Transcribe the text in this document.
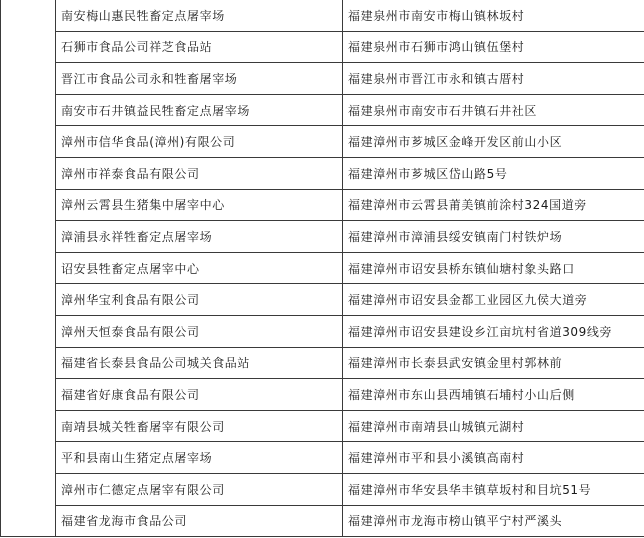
	南安梅山惠民牲畜定点屠宰场	福建泉州市南安市梅山镇林坂村
	石狮市食品公司祥芝食品站	福建泉州市石狮市鸿山镇伍堡村
	晋江市食品公司永和牲畜屠宰场	福建泉州市晋江市永和镇古厝村
	南安市石井镇益民牲畜定点屠宰场	福建泉州市南安市石井镇石井社区
	漳州市信华食品(漳州)有限公司	福建漳州市芗城区金峰开发区前山小区
	漳州市祥泰食品有限公司	福建漳州市芗城区岱山路5号
	漳州云霄县生猪集中屠宰中心	福建漳州市云霄县莆美镇前涂村324国道旁
	漳浦县永祥牲畜定点屠宰场	福建漳州市漳浦县绥安镇南门村铁炉场
	诏安县牲畜定点屠宰中心	福建漳州市诏安县桥东镇仙塘村象头路口
	漳州华宝利食品有限公司	福建漳州市诏安县金都工业园区九侯大道旁
	漳州天恒泰食品有限公司	福建漳州市诏安县建设乡江亩坑村省道309线旁
	福建省长泰县食品公司城关食品站	福建漳州市长泰县武安镇金里村郭林前
	福建省好康食品有限公司	福建漳州市东山县西埔镇石埔村小山后侧
	南靖县城关牲畜屠宰有限公司	福建漳州市南靖县山城镇元湖村
	平和县南山生猪定点屠宰场	福建漳州市平和县小溪镇高南村
	漳州市仁德定点屠宰有限公司	福建漳州市华安县华丰镇草坂村和目坑51号
	福建省龙海市食品公司	福建漳州市龙海市榜山镇平宁村严溪头
